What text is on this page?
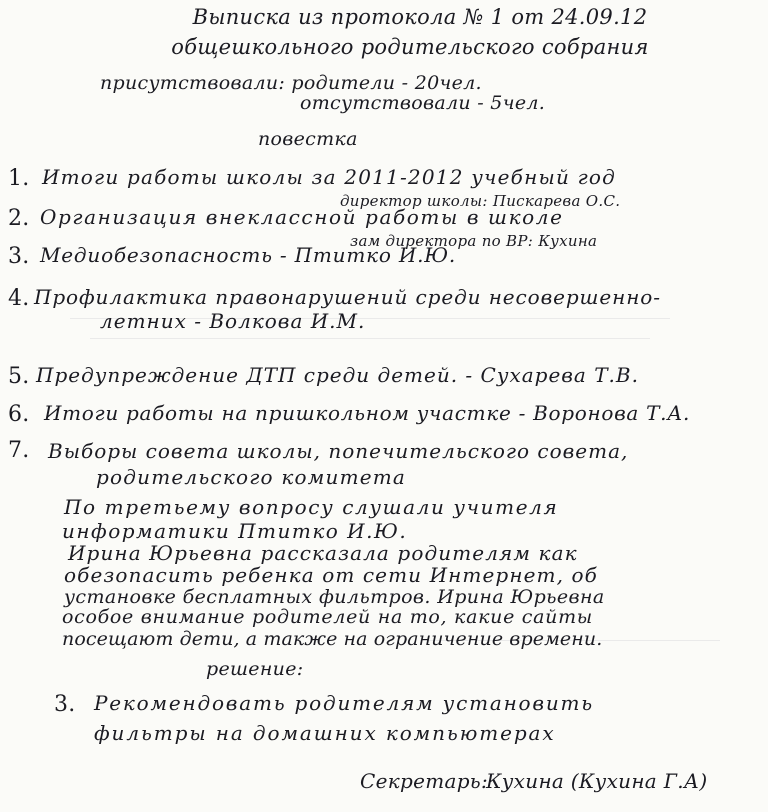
Выписка из протокола № 1 от 24.09.12
общешкольного родительского собрания
присутствовали: родители - 20чел.
отсутствовали - 5чел.
повестка
1. Итоги работы школы за 2011-2012 учебный год
директор школы: Пискарева О.С.
2. Организация внеклассной работы в школе
зам директора по ВР: Кухина
3. Медиобезопасность - Птитко И.Ю.
4. Профилактика правонарушений среди несовершенно-
летних - Волкова И.М.
5. Предупреждение ДТП среди детей. - Сухарева Т.В.
6. Итоги работы на пришкольном участке - Воронова Т.А.
7. Выборы совета школы, попечительского совета,
родительского комитета
По третьему вопросу слушали учителя
информатики Птитко И.Ю.
Ирина Юрьевна рассказала родителям как
обезопасить ребенка от сети Интернет, об
установке бесплатных фильтров. Ирина Юрьевна
особое внимание родителей на то, какие сайты
посещают дети, а также на ограничение времени.
решение:
3. Рекомендовать родителям установить
фильтры на домашних компьютерах
Секретарь:
Кухина (Кухина Г.А)
